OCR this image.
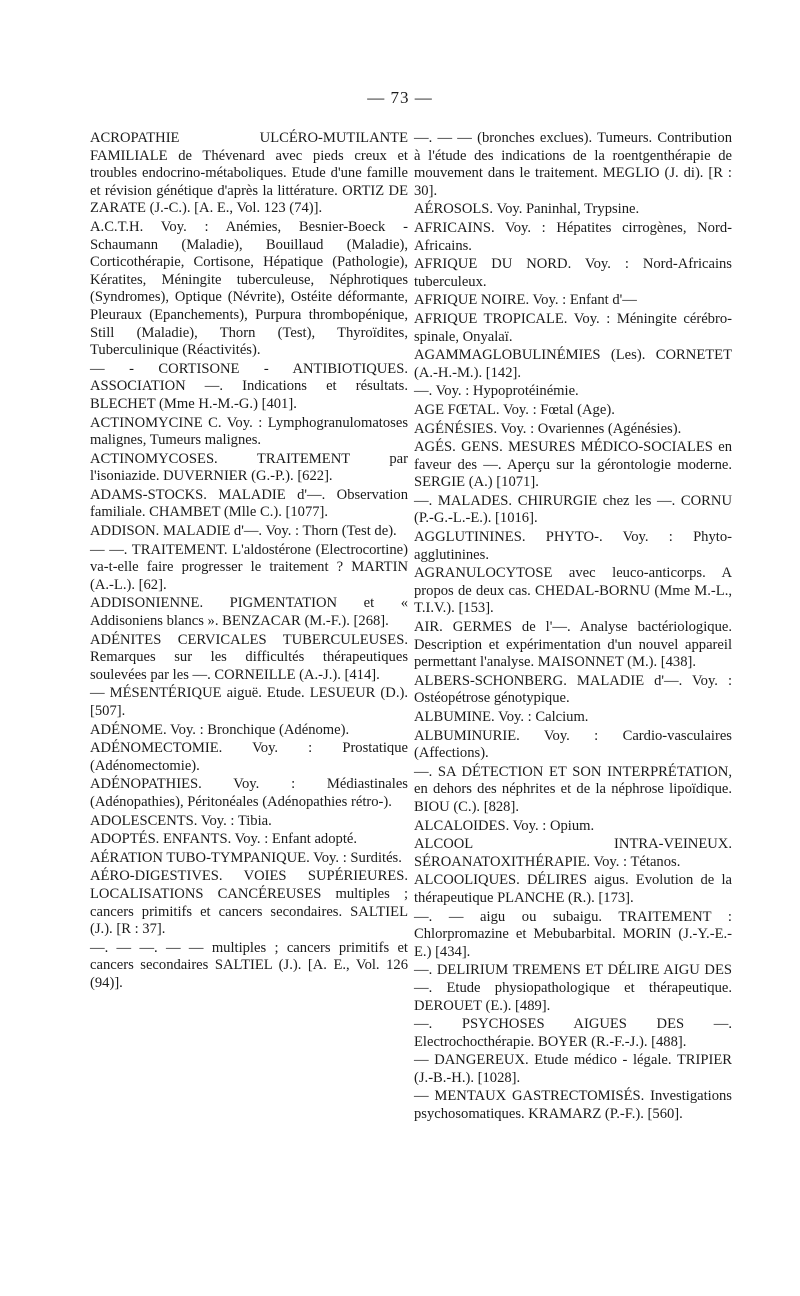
— 73 —

ACROPATHIE ULCÉRO-MUTILANTE FAMILIALE de Thévenard avec pieds creux et troubles endocrino-métaboliques. Etude d'une famille et révision génétique d'après la littérature. ORTIZ DE ZARATE (J.-C.). [A. E., Vol. 123 (74)].

A.C.T.H. Voy. : Anémies, Besnier-Boeck - Schaumann (Maladie), Bouillaud (Maladie), Corticothérapie, Cortisone, Hépatique (Pathologie), Kératites, Méningite tuberculeuse, Néphrotiques (Syndromes), Optique (Névrite), Ostéite déformante, Pleuraux (Epanchements), Purpura thrombopénique, Still (Maladie), Thorn (Test), Thyroïdites, Tuberculinique (Réactivités).

— - CORTISONE - ANTIBIOTIQUES. ASSOCIATION —. Indications et résultats. BLECHET (Mme H.-M.-G.) [401].

ACTINOMYCINE C. Voy. : Lymphogranulomatoses malignes, Tumeurs malignes.

ACTINOMYCOSES. TRAITEMENT par l'isoniazide. DUVERNIER (G.-P.). [622].

ADAMS-STOCKS. MALADIE d'—. Observation familiale. CHAMBET (Mlle C.). [1077].

ADDISON. MALADIE d'—. Voy. : Thorn (Test de).

— —. TRAITEMENT. L'aldostérone (Electrocortine) va-t-elle faire progresser le traitement ? MARTIN (A.-L.). [62].

ADDISONIENNE. PIGMENTATION et « Addisoniens blancs ». BENZACAR (M.-F.). [268].

ADÉNITES CERVICALES TUBERCULEUSES. Remarques sur les difficultés thérapeutiques soulevées par les —. CORNEILLE (A.-J.). [414].

— MÉSENTÉRIQUE aiguë. Etude. LESUEUR (D.). [507].

ADÉNOME. Voy. : Bronchique (Adénome).

ADÉNOMECTOMIE. Voy. : Prostatique (Adénomectomie).

ADÉNOPATHIES. Voy. : Médiastinales (Adénopathies), Péritonéales (Adénopathies rétro-).

ADOLESCENTS. Voy. : Tibia.

ADOPTÉS. ENFANTS. Voy. : Enfant adopté.

AÉRATION TUBO-TYMPANIQUE. Voy. : Surdités.

AÉRO-DIGESTIVES. VOIES SUPÉRIEURES. LOCALISATIONS CANCÉREUSES multiples ; cancers primitifs et cancers secondaires. SALTIEL (J.). [R : 37].

—. — —. — — multiples ; cancers primitifs et cancers secondaires SALTIEL (J.). [A. E., Vol. 126 (94)].

—. — — (bronches exclues). Tumeurs. Contribution à l'étude des indications de la roentgenthérapie de mouvement dans le traitement. MEGLIO (J. di). [R : 30].

AÉROSOLS. Voy. Paninhal, Trypsine.

AFRICAINS. Voy. : Hépatites cirrogènes, Nord-Africains.

AFRIQUE DU NORD. Voy. : Nord-Africains tuberculeux.

AFRIQUE NOIRE. Voy. : Enfant d'—

AFRIQUE TROPICALE. Voy. : Méningite cérébro-spinale, Onyalaï.

AGAMMAGLOBULINÉMIES (Les). CORNETET (A.-H.-M.). [142].

—. Voy. : Hypoprotéinémie.

AGE FŒTAL. Voy. : Fœtal (Age).

AGÉNÉSIES. Voy. : Ovariennes (Agénésies).

AGÉS. GENS. MESURES MÉDICO-SOCIALES en faveur des —. Aperçu sur la gérontologie moderne. SERGIE (A.) [1071].

—. MALADES. CHIRURGIE chez les —. CORNU (P.-G.-L.-E.). [1016].

AGGLUTININES. PHYTO-. Voy. : Phyto-agglutinines.

AGRANULOCYTOSE avec leuco-anticorps. A propos de deux cas. CHEDAL-BORNU (Mme M.-L., T.I.V.). [153].

AIR. GERMES de l'—. Analyse bactériologique. Description et expérimentation d'un nouvel appareil permettant l'analyse. MAISONNET (M.). [438].

ALBERS-SCHONBERG. MALADIE d'—. Voy. : Ostéopétrose génotypique.

ALBUMINE. Voy. : Calcium.

ALBUMINURIE. Voy. : Cardio-vasculaires (Affections).

—. SA DÉTECTION ET SON INTERPRÉTATION, en dehors des néphrites et de la néphrose lipoïdique. BIOU (C.). [828].

ALCALOIDES. Voy. : Opium.

ALCOOL INTRA-VEINEUX. SÉROANATOXITHÉRAPIE. Voy. : Tétanos.

ALCOOLIQUES. DÉLIRES aigus. Evolution de la thérapeutique PLANCHE (R.). [173].

—. — aigu ou subaigu. TRAITEMENT : Chlorpromazine et Mebubarbital. MORIN (J.-Y.-E.-E.) [434].

—. DELIRIUM TREMENS ET DÉLIRE AIGU DES —. Etude physiopathologique et thérapeutique. DEROUET (E.). [489].

—. PSYCHOSES AIGUES DES —. Electrochocthérapie. BOYER (R.-F.-J.). [488].

— DANGEREUX. Etude médico - légale. TRIPIER (J.-B.-H.). [1028].

— MENTAUX GASTRECTOMISÉS. Investigations psychosomatiques. KRAMARZ (P.-F.). [560].
